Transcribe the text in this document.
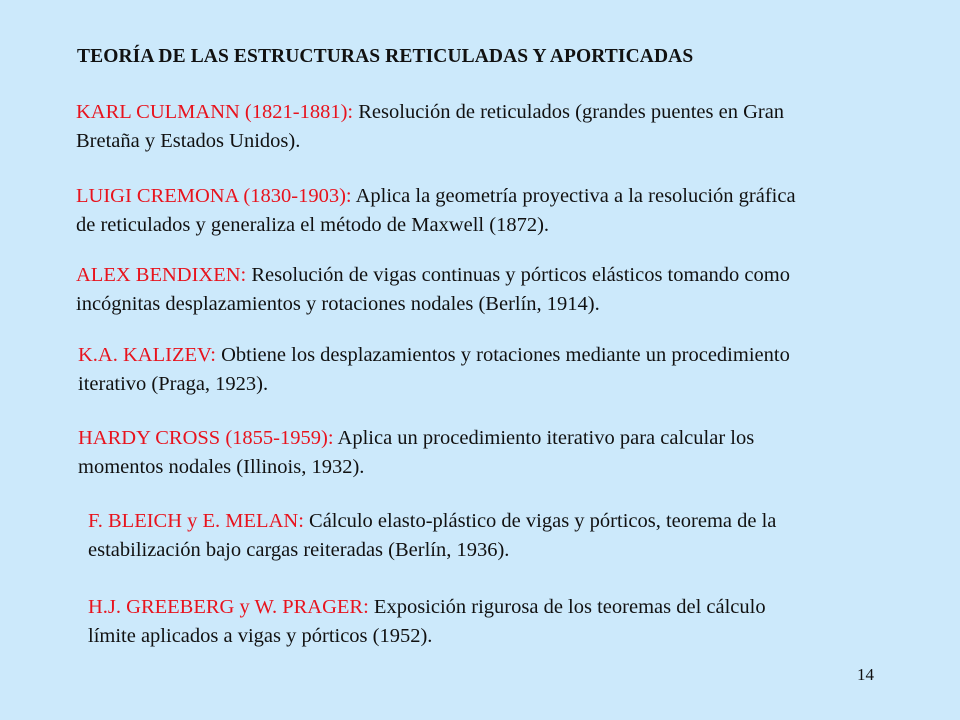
TEORÍA DE LAS ESTRUCTURAS RETICULADAS Y APORTICADAS

KARL CULMANN (1821-1881): Resolución de reticulados (grandes puentes en Gran
Bretaña y Estados Unidos).

LUIGI CREMONA (1830-1903): Aplica la geometría proyectiva a la resolución gráfica
de reticulados y generaliza el método de Maxwell (1872).

ALEX BENDIXEN: Resolución de vigas continuas y pórticos elásticos tomando como
incógnitas desplazamientos y rotaciones nodales (Berlín, 1914).

K.A. KALIZEV: Obtiene los desplazamientos y rotaciones mediante un procedimiento
iterativo (Praga, 1923).

HARDY CROSS (1855-1959): Aplica un procedimiento iterativo para calcular los
momentos nodales (Illinois, 1932).

F. BLEICH y E. MELAN: Cálculo elasto-plástico de vigas y pórticos, teorema de la
estabilización bajo cargas reiteradas (Berlín, 1936).

H.J. GREEBERG y W. PRAGER: Exposición rigurosa de los teoremas del cálculo
límite aplicados a vigas y pórticos (1952).

14
